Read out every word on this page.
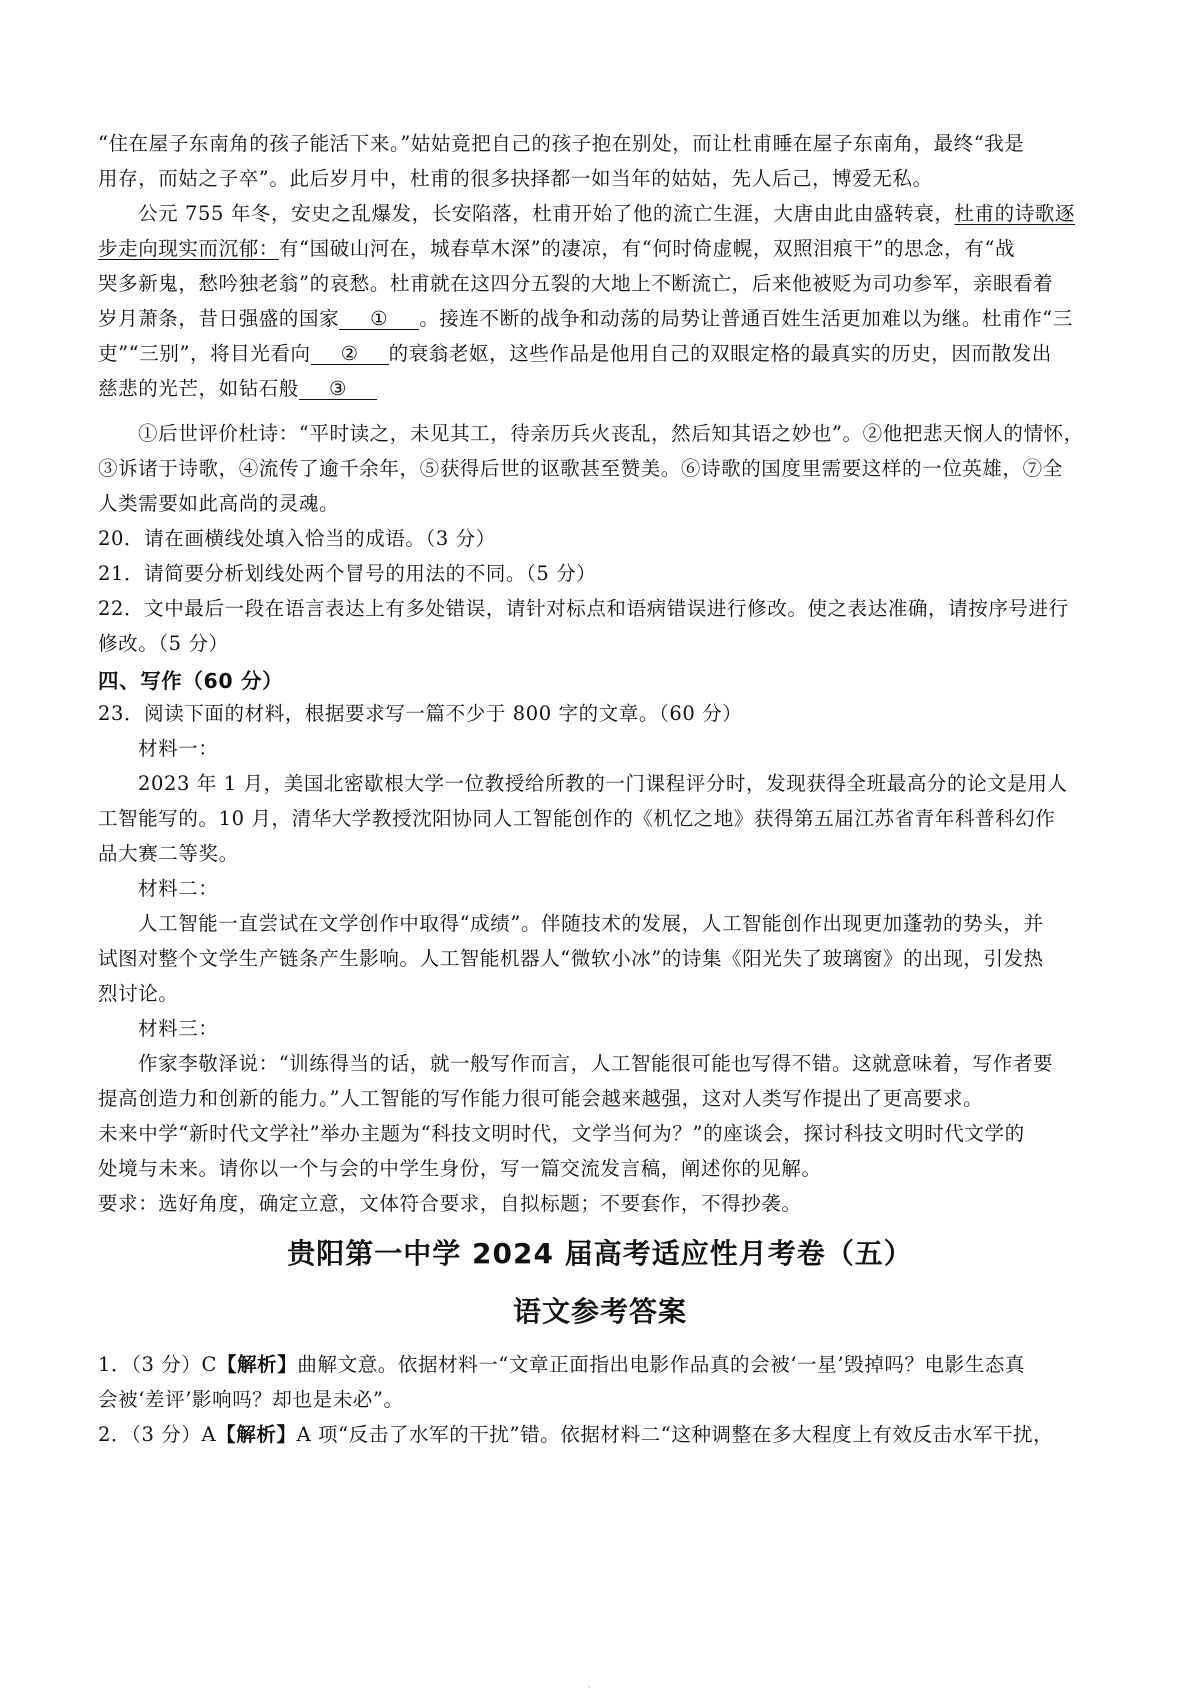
“住在屋子东南角的孩子能活下来。”姑姑竟把自己的孩子抱在别处，而让杜甫睡在屋子东南角，最终“我是
用存，而姑之子卒”。此后岁月中，杜甫的很多抉择都一如当年的姑姑，先人后己，博爱无私。
公元 755 年冬，安史之乱爆发，长安陷落，杜甫开始了他的流亡生涯，大唐由此由盛转衰，杜甫的诗歌逐
步走向现实而沉郁：有“国破山河在，城春草木深”的凄凉，有“何时倚虚幌，双照泪痕干”的思念，有“战
哭多新鬼，愁吟独老翁”的哀愁。杜甫就在这四分五裂的大地上不断流亡，后来他被贬为司功参军，亲眼看着
岁月萧条，昔日强盛的国家 ① 。接连不断的战争和动荡的局势让普通百姓生活更加难以为继。杜甫作“三
吏”“三别”，将目光看向 ② 的衰翁老妪，这些作品是他用自己的双眼定格的最真实的历史，因而散发出
慈悲的光芒，如钻石般 ③
①后世评价杜诗：“平时读之，未见其工，待亲历兵火丧乱，然后知其语之妙也”。②他把悲天悯人的情怀，
③诉诸于诗歌，④流传了逾千余年，⑤获得后世的讴歌甚至赞美。⑥诗歌的国度里需要这样的一位英雄，⑦全
人类需要如此高尚的灵魂。
20．请在画横线处填入恰当的成语。（3 分）
21．请简要分析划线处两个冒号的用法的不同。（5 分）
22．文中最后一段在语言表达上有多处错误，请针对标点和语病错误进行修改。使之表达准确，请按序号进行
修改。（5 分）
四、写作（60 分）
23．阅读下面的材料，根据要求写一篇不少于 800 字的文章。（60 分）
材料一：
2023 年 1 月，美国北密歇根大学一位教授给所教的一门课程评分时，发现获得全班最高分的论文是用人
工智能写的。10 月，清华大学教授沈阳协同人工智能创作的《机忆之地》获得第五届江苏省青年科普科幻作
品大赛二等奖。
材料二：
人工智能一直尝试在文学创作中取得“成绩”。伴随技术的发展，人工智能创作出现更加蓬勃的势头，并
试图对整个文学生产链条产生影响。人工智能机器人“微软小冰”的诗集《阳光失了玻璃窗》的出现，引发热
烈讨论。
材料三：
作家李敬泽说：“训练得当的话，就一般写作而言，人工智能很可能也写得不错。这就意味着，写作者要
提高创造力和创新的能力。”人工智能的写作能力很可能会越来越强，这对人类写作提出了更高要求。
未来中学“新时代文学社”举办主题为“科技文明时代，文学当何为？”的座谈会，探讨科技文明时代文学的
处境与未来。请你以一个与会的中学生身份，写一篇交流发言稿，阐述你的见解。
要求：选好角度，确定立意，文体符合要求，自拟标题；不要套作，不得抄袭。
贵阳第一中学 2024 届高考适应性月考卷（五）
语文参考答案
1．（3 分）C【解析】曲解文意。依据材料一“文章正面指出电影作品真的会被‘一星’毁掉吗？电影生态真
会被‘差评’影响吗？却也是未必”。
2．（3 分）A【解析】A 项“反击了水军的干扰”错。依据材料二“这种调整在多大程度上有效反击水军干扰，
·
